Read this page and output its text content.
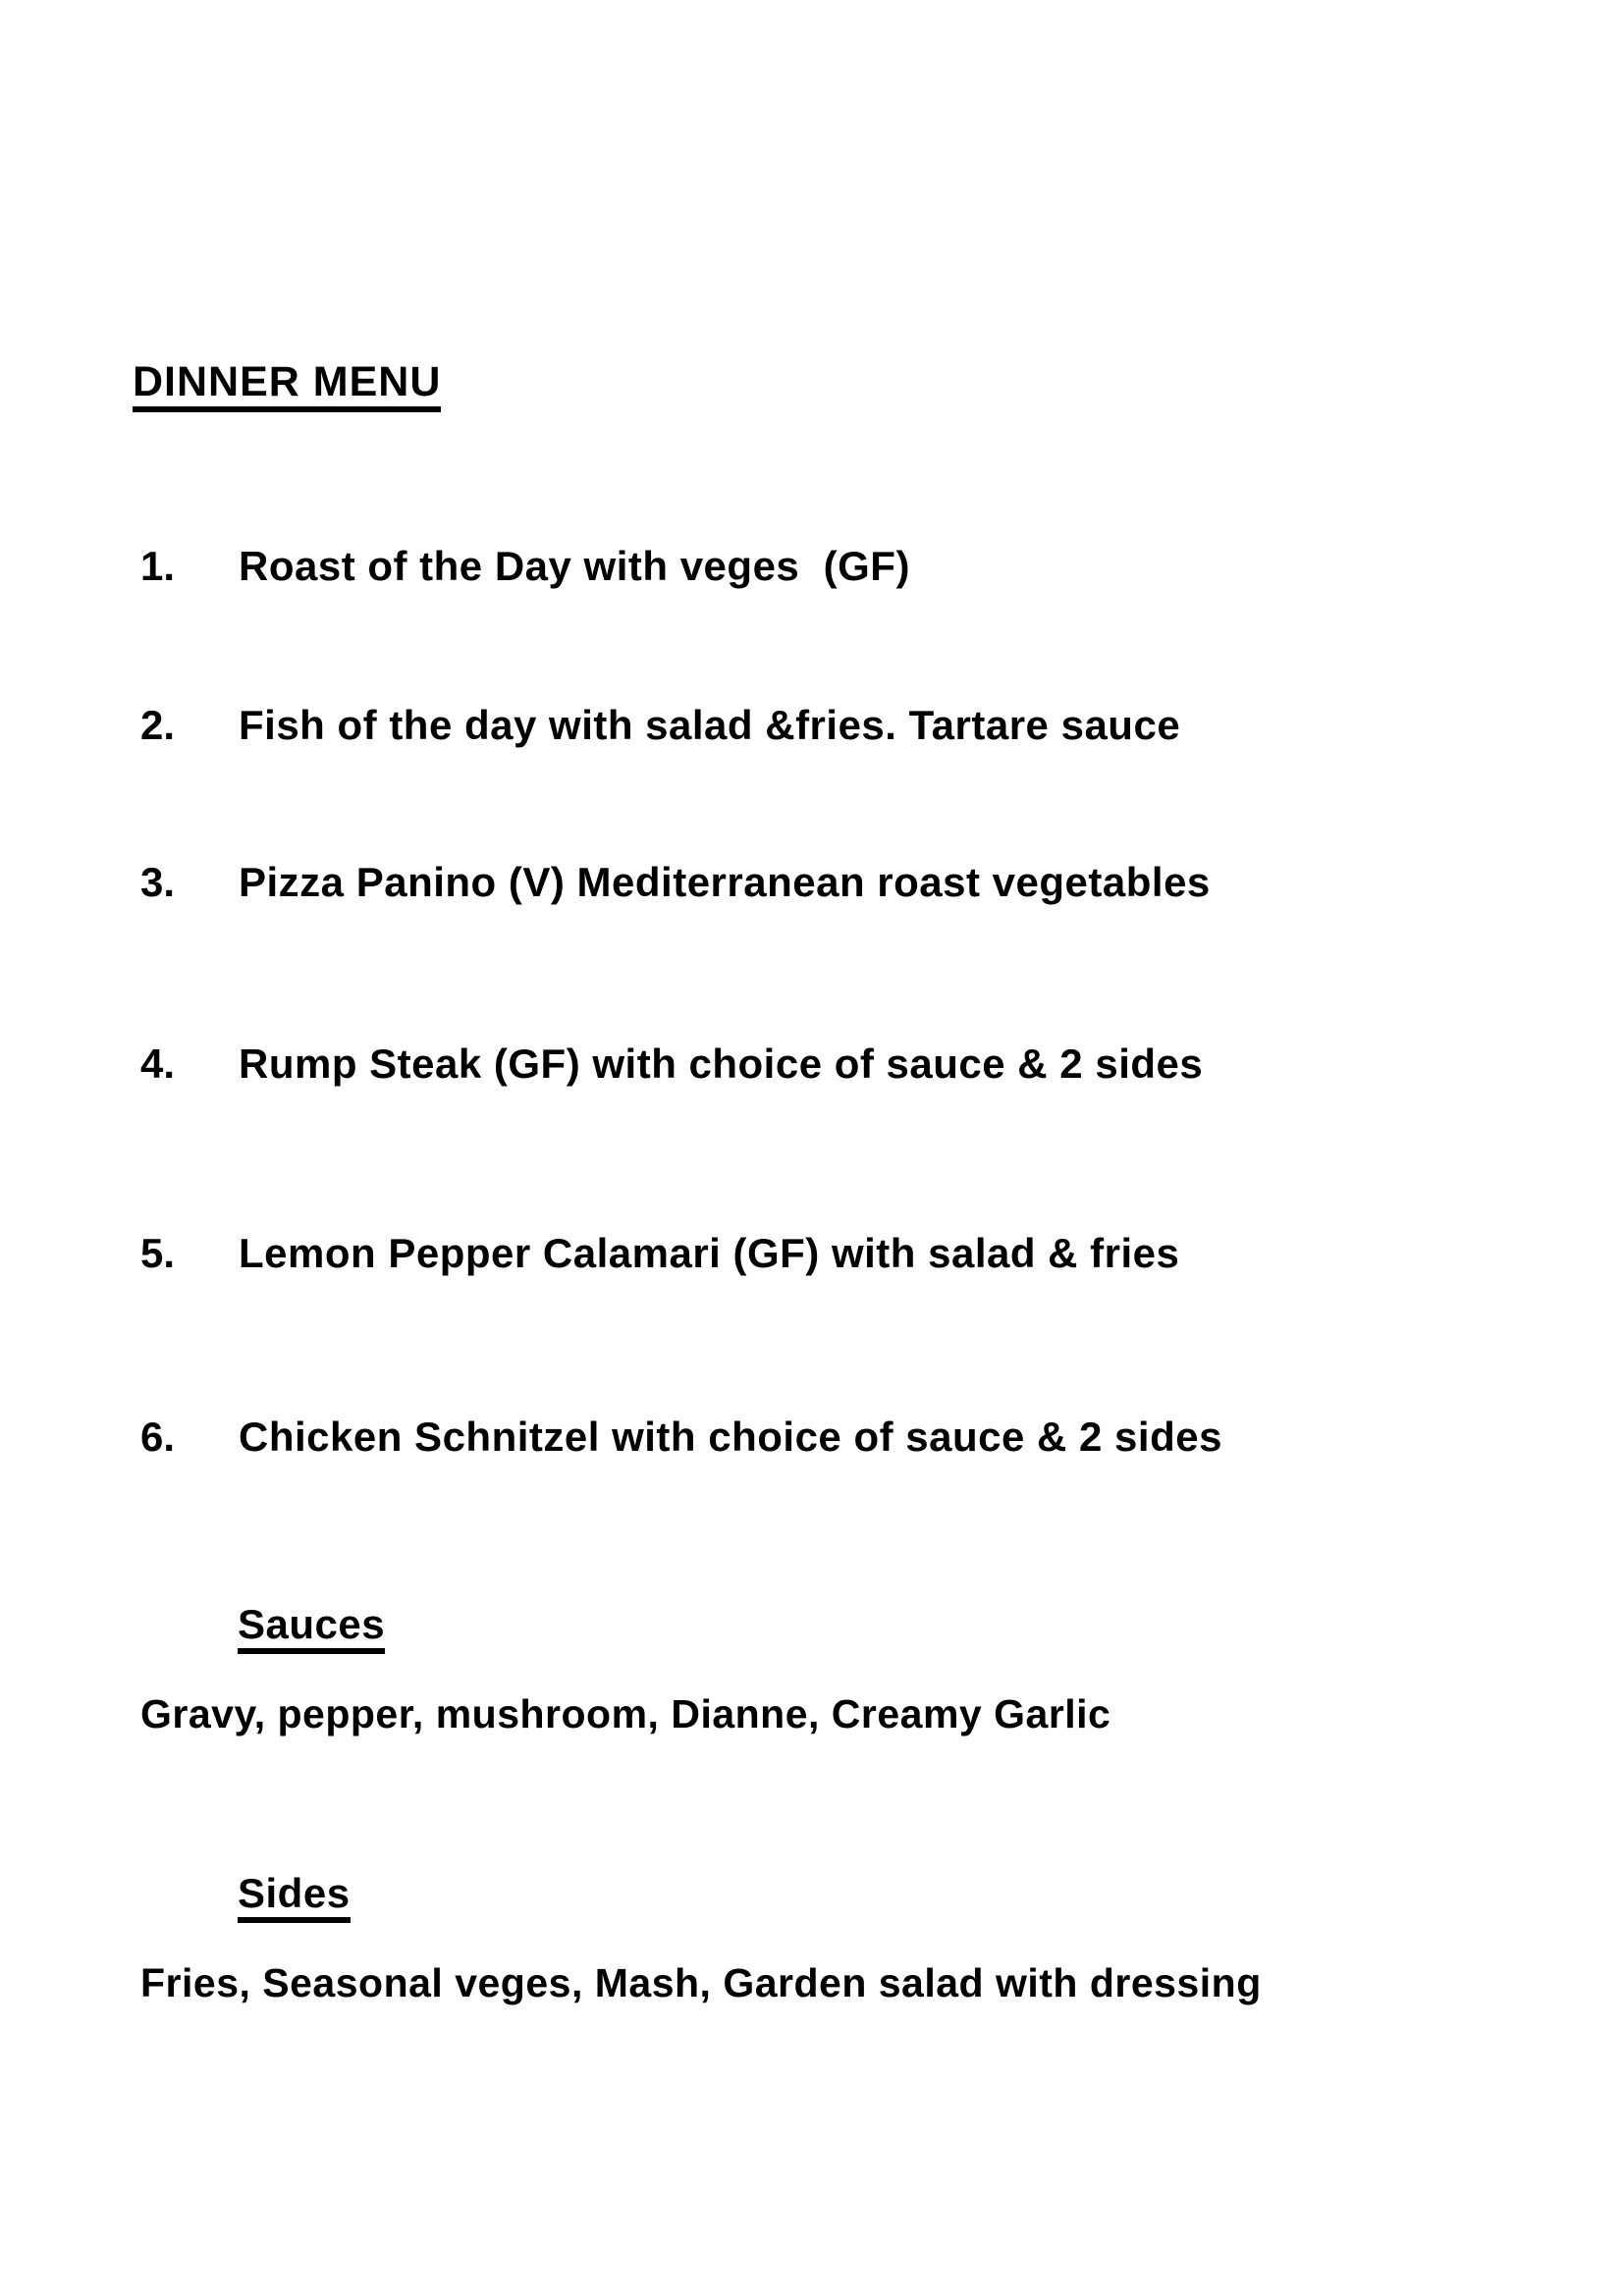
DINNER MENU
1. Roast of the Day with veges  (GF)
2. Fish of the day with salad &fries. Tartare sauce
3. Pizza Panino (V) Mediterranean roast vegetables
4. Rump Steak (GF) with choice of sauce & 2 sides
5. Lemon Pepper Calamari (GF) with salad & fries
6. Chicken Schnitzel with choice of sauce & 2 sides
Sauces
Gravy, pepper, mushroom, Dianne, Creamy Garlic
Sides
Fries, Seasonal veges, Mash, Garden salad with dressing
